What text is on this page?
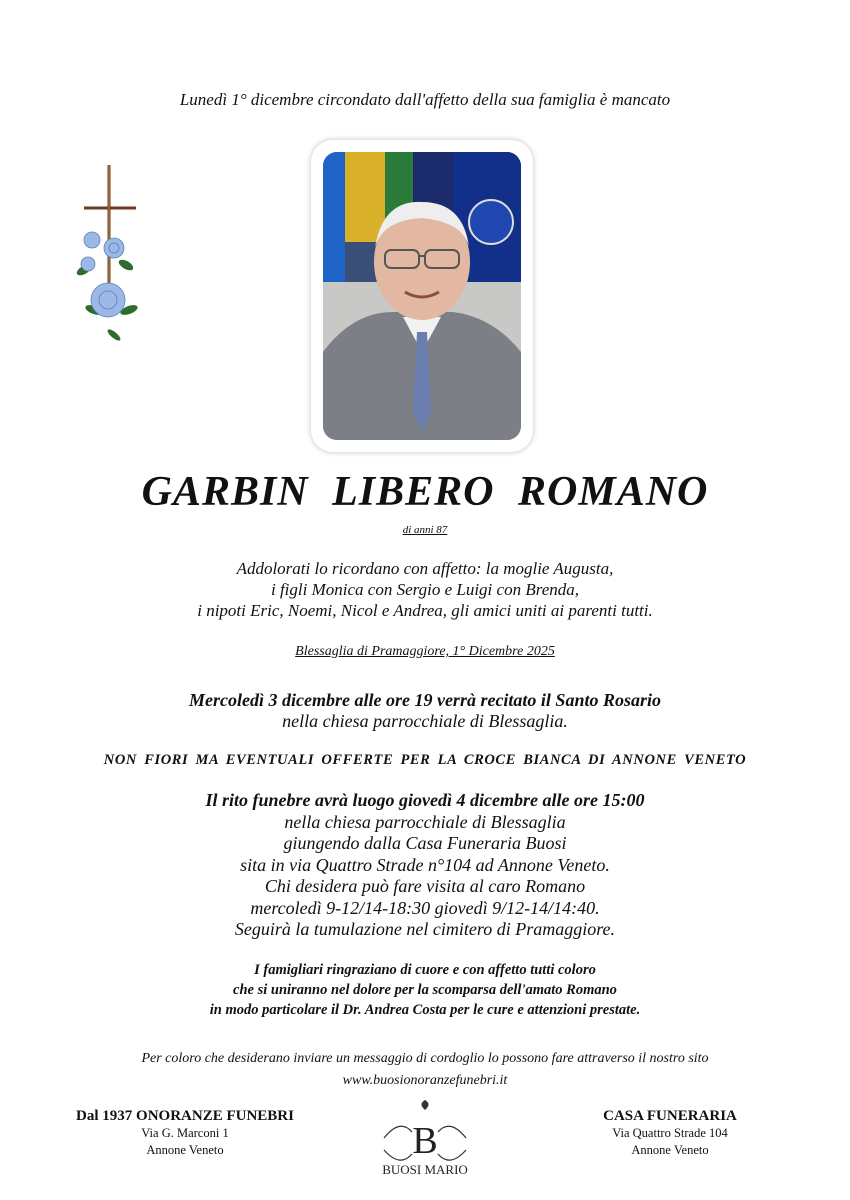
Lunedì 1° dicembre circondato dall'affetto della sua famiglia è mancato
GARBIN LIBERO ROMANO
di anni 87
Addolorati lo ricordano con affetto: la moglie Augusta,
i figli Monica con Sergio e Luigi con Brenda,
i nipoti Eric, Noemi, Nicol e Andrea, gli amici uniti ai parenti tutti.
Blessaglia di Pramaggiore, 1° Dicembre 2025
Mercoledì 3 dicembre alle ore 19 verrà recitato il Santo Rosario
nella chiesa parrocchiale di Blessaglia.
NON FIORI MA EVENTUALI OFFERTE PER LA CROCE BIANCA DI ANNONE VENETO
Il rito funebre avrà luogo giovedì 4 dicembre alle ore 15:00
nella chiesa parrocchiale di Blessaglia
giungendo dalla Casa Funeraria Buosi
sita in via Quattro Strade n°104 ad Annone Veneto.
Chi desidera può fare visita al caro Romano
mercoledì 9-12/14-18:30 giovedì 9/12-14/14:40.
Seguirà la tumulazione nel cimitero di Pramaggiore.
I famigliari ringraziano di cuore e con affetto tutti coloro
che si uniranno nel dolore per la scomparsa dell'amato Romano
in modo particolare il Dr. Andrea Costa per le cure e attenzioni prestate.
Per coloro che desiderano inviare un messaggio di cordoglio lo possono fare attraverso il nostro sito
www.buosionoranzefunebri.it
Dal 1937 ONORANZE FUNEBRI
Via G. Marconi 1
Annone Veneto	B
BUOSI MARIO
CASA FUNERARIA
Via Quattro Strade 104
Annone Veneto
